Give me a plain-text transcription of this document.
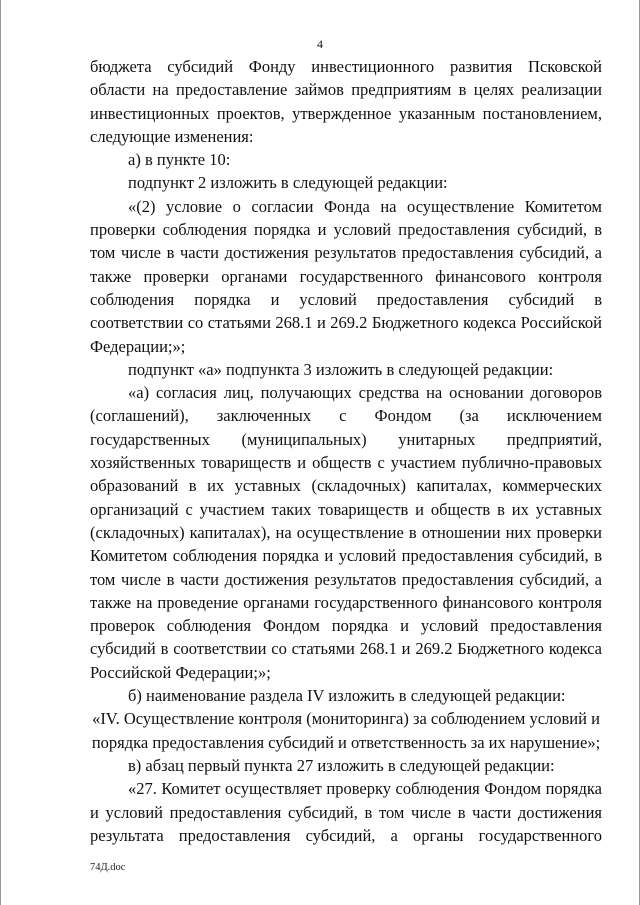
4

бюджета субсидий Фонду инвестиционного развития Псковской области на предоставление займов предприятиям в целях реализации инвестиционных проектов, утвержденное указанным постановлением, следующие изменения:

а) в пункте 10:

подпункт 2 изложить в следующей редакции:

«(2) условие о согласии Фонда на осуществление Комитетом проверки соблюдения порядка и условий предоставления субсидий, в том числе в части достижения результатов предоставления субсидий, а также проверки органами государственного финансового контроля соблюдения порядка и условий предоставления субсидий в соответствии со статьями 268.1 и 269.2 Бюджетного кодекса Российской Федерации;»;

подпункт «а» подпункта 3 изложить в следующей редакции:

«а) согласия лиц, получающих средства на основании договоров (соглашений), заключенных с Фондом (за исключением государственных (муниципальных) унитарных предприятий, хозяйственных товариществ и обществ с участием публично-правовых образований в их уставных (складочных) капиталах, коммерческих организаций с участием таких товариществ и обществ в их уставных (складочных) капиталах), на осуществление в отношении них проверки Комитетом соблюдения порядка и условий предоставления субсидий, в том числе в части достижения результатов предоставления субсидий, а также на проведение органами государственного финансового контроля проверок соблюдения Фондом порядка и условий предоставления субсидий в соответствии со статьями 268.1 и 269.2 Бюджетного кодекса Российской Федерации;»;

б) наименование раздела IV изложить в следующей редакции:

«IV. Осуществление контроля (мониторинга) за соблюдением условий и порядка предоставления субсидий и ответственность за их нарушение»;

в) абзац первый пункта 27 изложить в следующей редакции:

«27. Комитет осуществляет проверку соблюдения Фондом порядка и условий предоставления субсидий, в том числе в части достижения результата предоставления субсидий, а органы государственного

74Д.doc
